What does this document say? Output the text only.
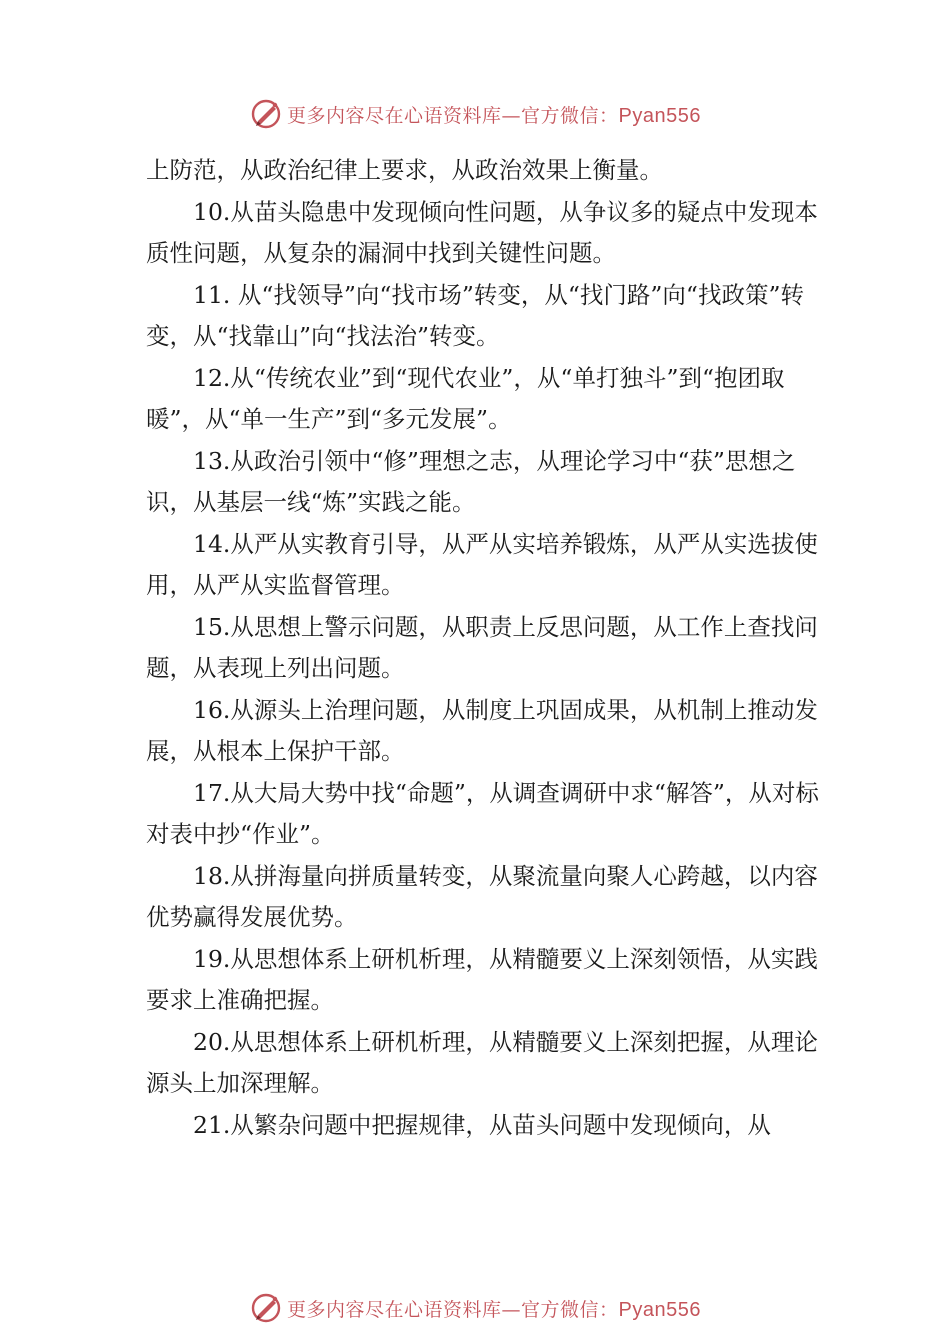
更多内容尽在心语资料库—官方微信：Pyan556

上防范，从政治纪律上要求，从政治效果上衡量。

10.从苗头隐患中发现倾向性问题，从争议多的疑点中发现本质性问题，从复杂的漏洞中找到关键性问题。

11. 从“找领导”向“找市场”转变，从“找门路”向“找政策”转变，从“找靠山”向“找法治”转变。

12.从“传统农业”到“现代农业”，从“单打独斗”到“抱团取暖”，从“单一生产”到“多元发展”。

13.从政治引领中“修”理想之志，从理论学习中“获”思想之识，从基层一线“炼”实践之能。

14.从严从实教育引导，从严从实培养锻炼，从严从实选拔使用，从严从实监督管理。

15.从思想上警示问题，从职责上反思问题，从工作上查找问题，从表现上列出问题。

16.从源头上治理问题，从制度上巩固成果，从机制上推动发展，从根本上保护干部。

17.从大局大势中找“命题”，从调查调研中求“解答”，从对标对表中抄“作业”。

18.从拼海量向拼质量转变，从聚流量向聚人心跨越，以内容优势赢得发展优势。

19.从思想体系上研机析理，从精髓要义上深刻领悟，从实践要求上准确把握。

20.从思想体系上研机析理，从精髓要义上深刻把握，从理论源头上加深理解。

21.从繁杂问题中把握规律，从苗头问题中发现倾向，从

更多内容尽在心语资料库—官方微信：Pyan556
